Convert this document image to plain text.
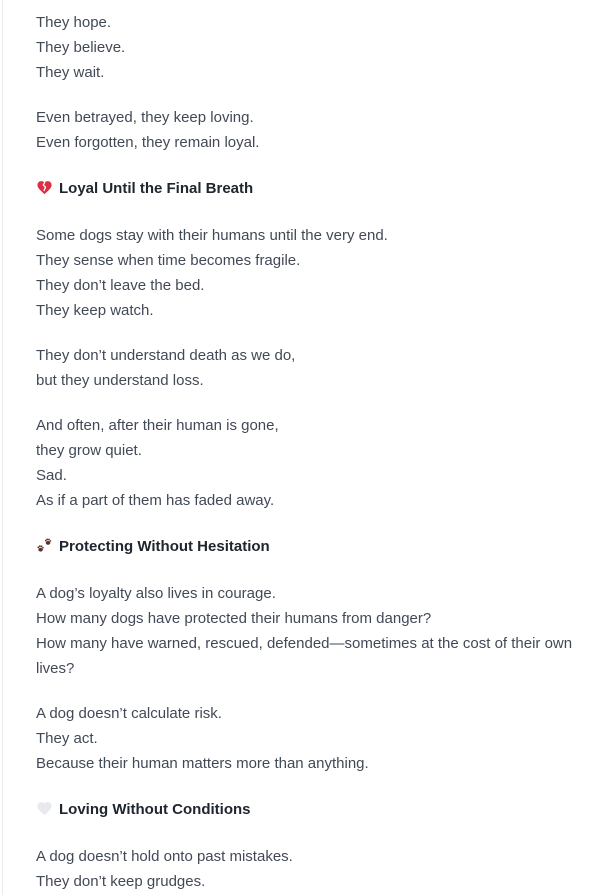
They hope.
They believe.
They wait.

Even betrayed, they keep loving.
Even forgotten, they remain loyal.

Loyal Until the Final Breath

Some dogs stay with their humans until the very end.
They sense when time becomes fragile.
They don’t leave the bed.
They keep watch.

They don’t understand death as we do,
but they understand loss.

And often, after their human is gone,
they grow quiet.
Sad.
As if a part of them has faded away.

Protecting Without Hesitation

A dog’s loyalty also lives in courage.
How many dogs have protected their humans from danger?
How many have warned, rescued, defended—sometimes at the cost of their own
lives?

A dog doesn’t calculate risk.
They act.
Because their human matters more than anything.

Loving Without Conditions

A dog doesn’t hold onto past mistakes.
They don’t keep grudges.
